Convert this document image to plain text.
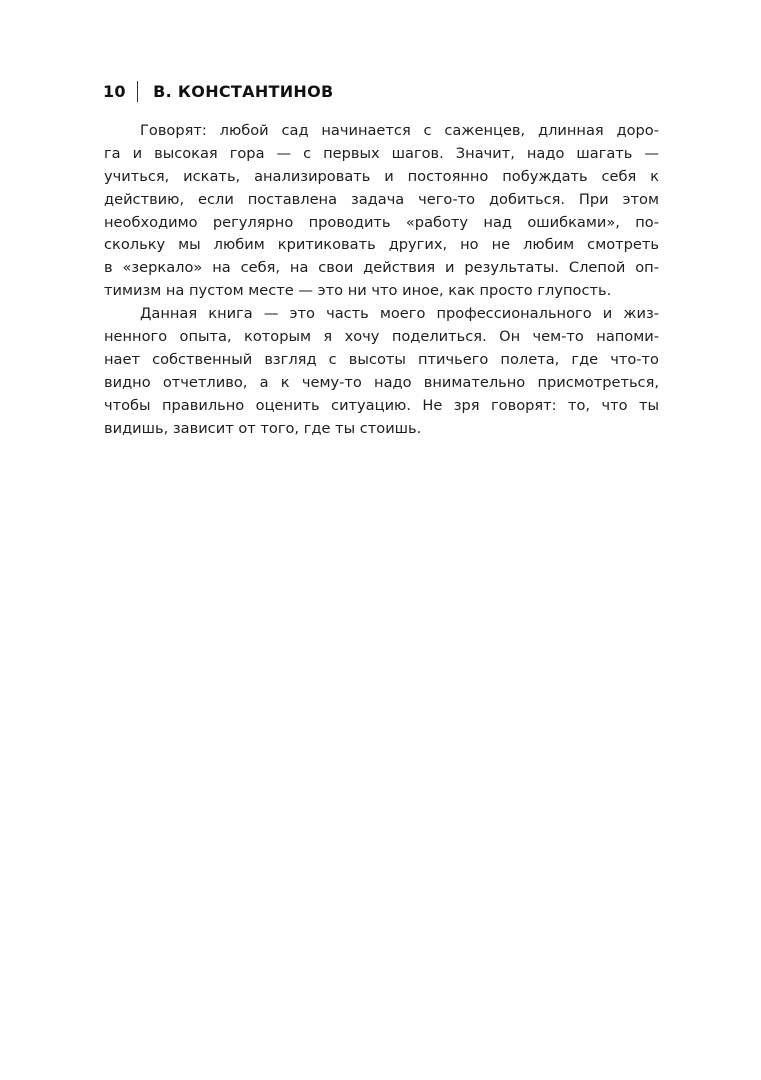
10 В. КОНСТАНТИНОВ
Говорят: любой сад начинается с саженцев, длинная доро-
га и высокая гора — с первых шагов. Значит, надо шагать —
учиться, искать, анализировать и постоянно побуждать себя к
действию, если поставлена задача чего-то добиться. При этом
необходимо регулярно проводить «работу над ошибками», по-
скольку мы любим критиковать других, но не любим смотреть
в «зеркало» на себя, на свои действия и результаты. Слепой оп-
тимизм на пустом месте — это ни что иное, как просто глупость.
Данная книга — это часть моего профессионального и жиз-
ненного опыта, которым я хочу поделиться. Он чем-то напоми-
нает собственный взгляд с высоты птичьего полета, где что-то
видно отчетливо, а к чему-то надо внимательно присмотреться,
чтобы правильно оценить ситуацию. Не зря говорят: то, что ты
видишь, зависит от того, где ты стоишь.
